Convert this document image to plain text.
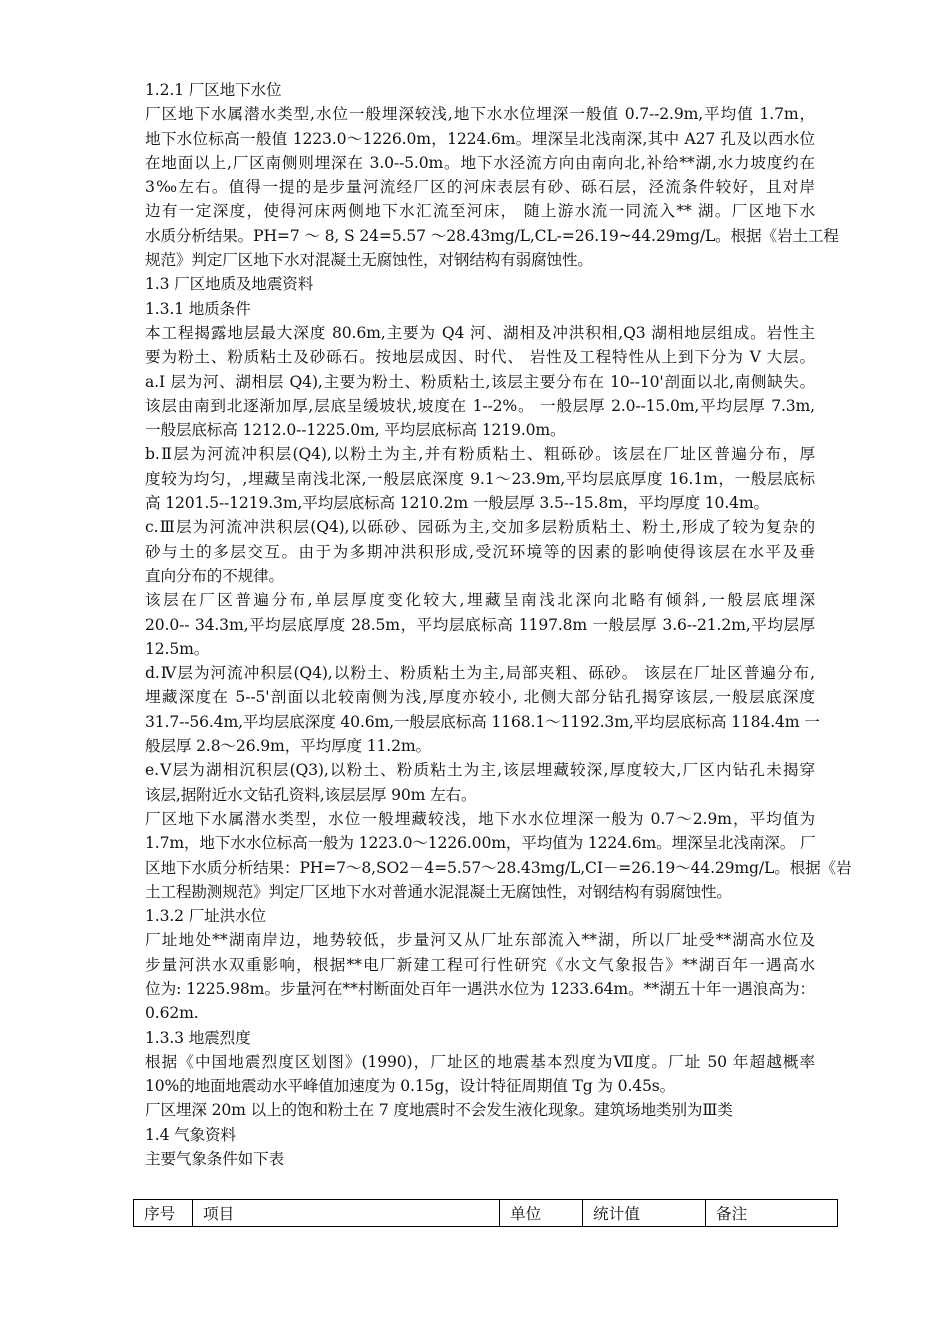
1.2.1 厂区地下水位
厂区地下水属潜水类型,水位一般埋深较浅,地下水水位埋深一般值 0.7--2.9m,平均值 1.7m，
地下水位标高一般值 1223.0～1226.0m，1224.6m。埋深呈北浅南深,其中 A27 孔及以西水位
在地面以上,厂区南侧则埋深在 3.0--5.0m。地下水泾流方向由南向北,补给**湖,水力坡度约在
3‰左右。值得一提的是步量河流经厂区的河床表层有砂、砾石层，泾流条件较好，且对岸
边有一定深度，使得河床两侧地下水汇流至河床， 随上游水流一同流入** 湖。厂区地下水
水质分析结果。PH=7 ～ 8, S 24=5.57 ～28.43mg/L,CL-=26.19~44.29mg/L。根据《岩土工程
规范》判定厂区地下水对混凝土无腐蚀性，对钢结构有弱腐蚀性。
1.3 厂区地质及地震资料
1.3.1 地质条件
本工程揭露地层最大深度 80.6m,主要为 Q4 河、湖相及冲洪积相,Q3 湖相地层组成。岩性主
要为粉土、粉质粘土及砂砾石。按地层成因、时代、 岩性及工程特性从上到下分为 V 大层。
a.I 层为河、湖相层 Q4),主要为粉土、粉质粘土,该层主要分布在 10--10'剖面以北,南侧缺失。
该层由南到北逐渐加厚,层底呈缓坡状,坡度在 1--2%。 一般层厚 2.0--15.0m,平均层厚 7.3m,
一般层底标高 1212.0--1225.0m, 平均层底标高 1219.0m。
b.Ⅱ层为河流冲积层(Q4),以粉土为主,并有粉质粘土、粗砾砂。该层在厂址区普遍分布，厚
度较为均匀，,埋藏呈南浅北深,一般层底深度 9.1～23.9m,平均层底厚度 16.1m，一般层底标
高 1201.5--1219.3m,平均层底标高 1210.2m 一般层厚 3.5--15.8m，平均厚度 10.4m。
c.Ⅲ层为河流冲洪积层(Q4),以砾砂、园砾为主,交加多层粉质粘土、粉土,形成了较为复杂的
砂与土的多层交互。由于为多期冲洪积形成,受沉环境等的因素的影响使得该层在水平及垂
直向分布的不规律。
该层在厂区普遍分布,单层厚度变化较大,埋藏呈南浅北深向北略有倾斜,一般层底埋深
20.0-- 34.3m,平均层底厚度 28.5m，平均层底标高 1197.8m 一般层厚 3.6--21.2m,平均层厚
12.5m。
d.Ⅳ层为河流冲积层(Q4),以粉土、粉质粘土为主,局部夹粗、砾砂。 该层在厂址区普遍分布,
埋藏深度在 5--5'剖面以北较南侧为浅,厚度亦较小, 北侧大部分钻孔揭穿该层,一般层底深度
31.7--56.4m,平均层底深度 40.6m,一般层底标高 1168.1～1192.3m,平均层底标高 1184.4m 一
般层厚 2.8～26.9m，平均厚度 11.2m。
e.Ⅴ层为湖相沉积层(Q3),以粉土、粉质粘土为主,该层埋藏较深,厚度较大,厂区内钻孔未揭穿
该层,据附近水文钻孔资料,该层层厚 90m 左右。
厂区地下水属潜水类型，水位一般埋藏较浅，地下水水位埋深一般为 0.7～2.9m，平均值为
1.7m，地下水水位标高一般为 1223.0～1226.00m，平均值为 1224.6m。埋深呈北浅南深。 厂
区地下水质分析结果：PH=7～8,SO2－4=5.57～28.43mg/L,CI－=26.19～44.29mg/L。根据《岩
土工程勘测规范》判定厂区地下水对普通水泥混凝土无腐蚀性，对钢结构有弱腐蚀性。
1.3.2 厂址洪水位
厂址地处**湖南岸边，地势较低，步量河又从厂址东部流入**湖，所以厂址受**湖高水位及
步量河洪水双重影响，根据**电厂新建工程可行性研究《水文气象报告》**湖百年一遇高水
位为: 1225.98m。步量河在**村断面处百年一遇洪水位为 1233.64m。**湖五十年一遇浪高为：
0.62m.
1.3.3 地震烈度
根据《中国地震烈度区划图》(1990)，厂址区的地震基本烈度为Ⅶ度。厂址 50 年超越概率
10%的地面地震动水平峰值加速度为 0.15g，设计特征周期值 Tg 为 0.45s。
厂区埋深 20m 以上的饱和粉土在 7 度地震时不会发生液化现象。建筑场地类别为Ⅲ类
1.4 气象资料
主要气象条件如下表
序号	项目	单位	统计值	备注
